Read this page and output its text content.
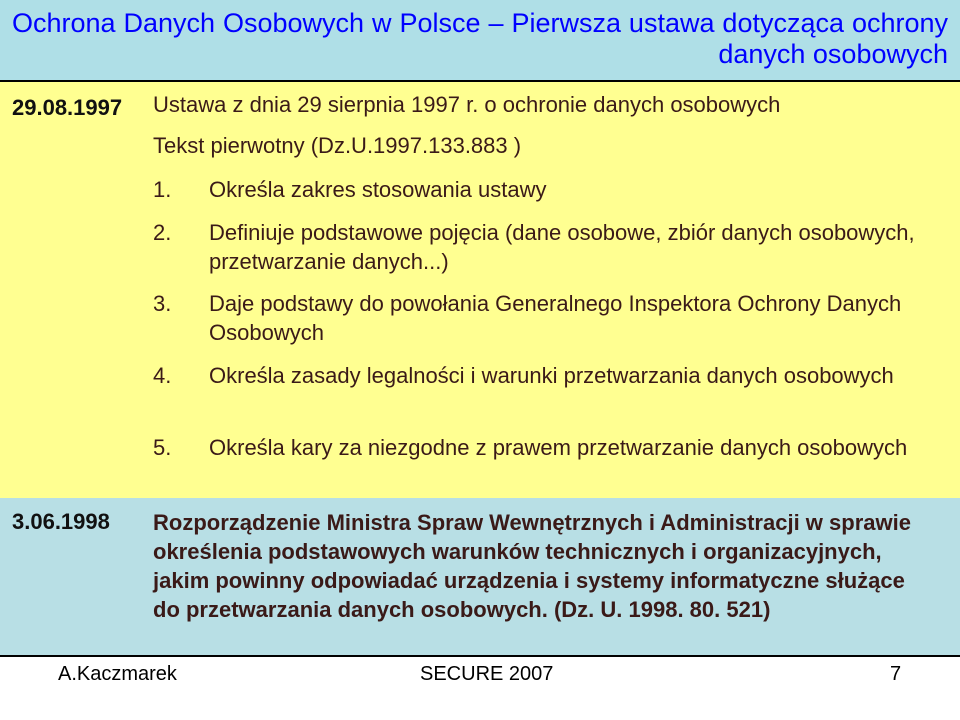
Ochrona Danych Osobowych w Polsce – Pierwsza ustawa dotycząca ochrony danych osobowych
29.08.1997 Ustawa z dnia 29 sierpnia 1997 r. o ochronie danych osobowych
Tekst pierwotny (Dz.U.1997.133.883 )
1. Określa zakres stosowania ustawy
2. Definiuje podstawowe pojęcia (dane osobowe, zbiór danych osobowych, przetwarzanie danych...)
3. Daje podstawy do powołania Generalnego Inspektora Ochrony Danych Osobowych
4. Określa zasady legalności i warunki przetwarzania danych osobowych
5. Określa kary za niezgodne z prawem przetwarzanie danych osobowych
3.06.1998 Rozporządzenie Ministra Spraw Wewnętrznych i Administracji w sprawie określenia podstawowych warunków technicznych i organizacyjnych, jakim powinny odpowiadać urządzenia i systemy informatyczne służące do przetwarzania danych osobowych. (Dz. U. 1998. 80. 521)
A.Kaczmarek	SECURE 2007	7
